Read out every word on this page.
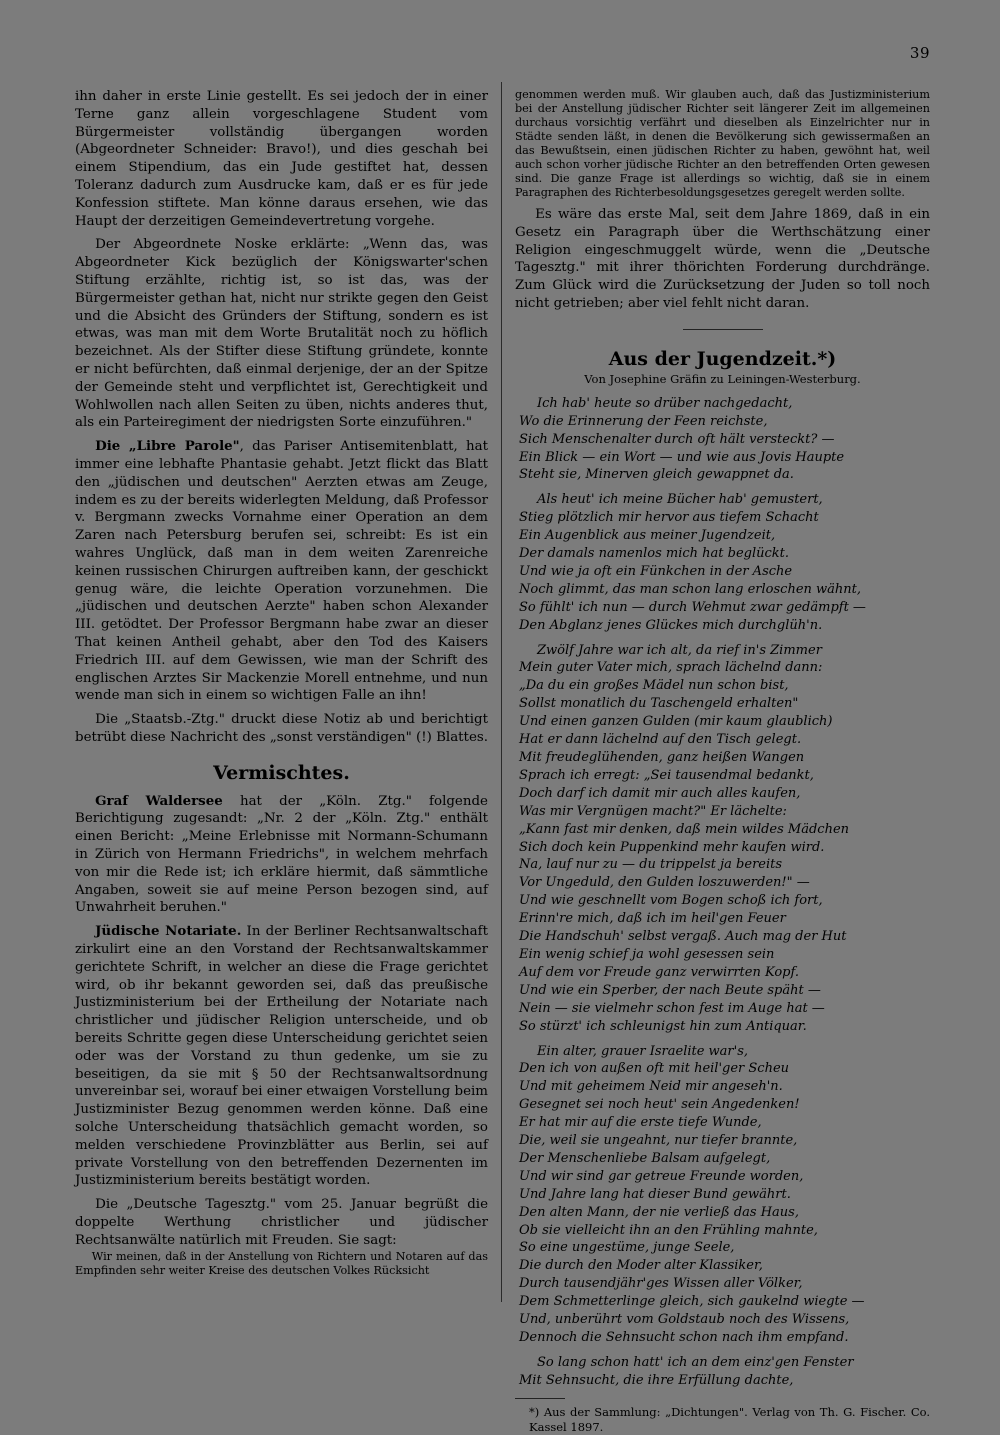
39

ihn daher in erste Linie gestellt. Es sei jedoch der in einer Terne ganz allein vorgeschlagene Student vom Bürgermeister vollständig übergangen worden (Abgeordneter Schneider: Bravo!), und dies geschah bei einem Stipendium, das ein Jude gestiftet hat, dessen Toleranz dadurch zum Ausdrucke kam, daß er es für jede Konfession stiftete. Man könne daraus ersehen, wie das Haupt der derzeitigen Gemeindevertretung vorgehe.

Der Abgeordnete Noske erklärte: „Wenn das, was Abgeordneter Kick bezüglich der Königswarter'schen Stiftung erzählte, richtig ist, so ist das, was der Bürgermeister gethan hat, nicht nur strikte gegen den Geist und die Absicht des Gründers der Stiftung, sondern es ist etwas, was man mit dem Worte Brutalität noch zu höflich bezeichnet. Als der Stifter diese Stiftung gründete, konnte er nicht befürchten, daß einmal derjenige, der an der Spitze der Gemeinde steht und verpflichtet ist, Gerechtigkeit und Wohlwollen nach allen Seiten zu üben, nichts anderes thut, als ein Parteiregiment der niedrigsten Sorte einzuführen."

Die „Libre Parole", das Pariser Antisemitenblatt, hat immer eine lebhafte Phantasie gehabt. Jetzt flickt das Blatt den „jüdischen und deutschen" Aerzten etwas am Zeuge, indem es zu der bereits widerlegten Meldung, daß Professor v. Bergmann zwecks Vornahme einer Operation an dem Zaren nach Petersburg berufen sei, schreibt: Es ist ein wahres Unglück, daß man in dem weiten Zarenreiche keinen russischen Chirurgen auftreiben kann, der geschickt genug wäre, die leichte Operation vorzunehmen. Die „jüdischen und deutschen Aerzte" haben schon Alexander III. getödtet. Der Professor Bergmann habe zwar an dieser That keinen Antheil gehabt, aber den Tod des Kaisers Friedrich III. auf dem Gewissen, wie man der Schrift des englischen Arztes Sir Mackenzie Morell entnehme, und nun wende man sich in einem so wichtigen Falle an ihn!

Die „Staatsb.-Ztg." druckt diese Notiz ab und berichtigt betrübt diese Nachricht des „sonst verständigen" (!) Blattes.

Vermischtes.

Graf Waldersee hat der „Köln. Ztg." folgende Berichtigung zugesandt: „Nr. 2 der „Köln. Ztg." enthält einen Bericht: „Meine Erlebnisse mit Normann-Schumann in Zürich von Hermann Friedrichs", in welchem mehrfach von mir die Rede ist; ich erkläre hiermit, daß sämmtliche Angaben, soweit sie auf meine Person bezogen sind, auf Unwahrheit beruhen."

Jüdische Notariate. In der Berliner Rechtsanwaltschaft zirkulirt eine an den Vorstand der Rechtsanwaltskammer gerichtete Schrift, in welcher an diese die Frage gerichtet wird, ob ihr bekannt geworden sei, daß das preußische Justizministerium bei der Ertheilung der Notariate nach christlicher und jüdischer Religion unterscheide, und ob bereits Schritte gegen diese Unterscheidung gerichtet seien oder was der Vorstand zu thun gedenke, um sie zu beseitigen, da sie mit § 50 der Rechtsanwaltsordnung unvereinbar sei, worauf bei einer etwaigen Vorstellung beim Justizminister Bezug genommen werden könne. Daß eine solche Unterscheidung thatsächlich gemacht worden, so melden verschiedene Provinzblätter aus Berlin, sei auf private Vorstellung von den betreffenden Dezernenten im Justizministerium bereits bestätigt worden.

Die „Deutsche Tagesztg." vom 25. Januar begrüßt die doppelte Werthung christlicher und jüdischer Rechtsanwälte natürlich mit Freuden. Sie sagt:

Wir meinen, daß in der Anstellung von Richtern und Notaren auf das Empfinden sehr weiter Kreise des deutschen Volkes Rücksicht

genommen werden muß. Wir glauben auch, daß das Justizministerium bei der Anstellung jüdischer Richter seit längerer Zeit im allgemeinen durchaus vorsichtig verfährt und dieselben als Einzelrichter nur in Städte senden läßt, in denen die Bevölkerung sich gewissermaßen an das Bewußtsein, einen jüdischen Richter zu haben, gewöhnt hat, weil auch schon vorher jüdische Richter an den betreffenden Orten gewesen sind. Die ganze Frage ist allerdings so wichtig, daß sie in einem Paragraphen des Richterbesoldungsgesetzes geregelt werden sollte.

Es wäre das erste Mal, seit dem Jahre 1869, daß in ein Gesetz ein Paragraph über die Werthschätzung einer Religion eingeschmuggelt würde, wenn die „Deutsche Tagesztg." mit ihrer thörichten Forderung durchdränge. Zum Glück wird die Zurücksetzung der Juden so toll noch nicht getrieben; aber viel fehlt nicht daran.

Aus der Jugendzeit.*)
Von Josephine Gräfin zu Leiningen-Westerburg.
Ich hab' heute so drüber nachgedacht,
Wo die Erinnerung der Feen reichste,
Sich Menschenalter durch oft hält versteckt? —
Ein Blick — ein Wort — und wie aus Jovis Haupte
Steht sie, Minerven gleich gewappnet da.
Als heut' ich meine Bücher hab' gemustert,
Stieg plötzlich mir hervor aus tiefem Schacht
Ein Augenblick aus meiner Jugendzeit,
Der damals namenlos mich hat beglückt.
Und wie ja oft ein Fünkchen in der Asche
Noch glimmt, das man schon lang erloschen wähnt,
So fühlt' ich nun — durch Wehmut zwar gedämpft —
Den Abglanz jenes Glückes mich durchglüh'n.
Zwölf Jahre war ich alt, da rief in's Zimmer
Mein guter Vater mich, sprach lächelnd dann:
„Da du ein großes Mädel nun schon bist,
Sollst monatlich du Taschengeld erhalten"
Und einen ganzen Gulden (mir kaum glaublich)
Hat er dann lächelnd auf den Tisch gelegt.
Mit freudeglühenden, ganz heißen Wangen
Sprach ich erregt: „Sei tausendmal bedankt,
Doch darf ich damit mir auch alles kaufen,
Was mir Vergnügen macht?" Er lächelte:
„Kann fast mir denken, daß mein wildes Mädchen
Sich doch kein Puppenkind mehr kaufen wird.
Na, lauf nur zu — du trippelst ja bereits
Vor Ungeduld, den Gulden loszuwerden!" —
Und wie geschnellt vom Bogen schoß ich fort,
Erinn're mich, daß ich im heil'gen Feuer
Die Handschuh' selbst vergaß. Auch mag der Hut
Ein wenig schief ja wohl gesessen sein
Auf dem vor Freude ganz verwirrten Kopf.
Und wie ein Sperber, der nach Beute späht —
Nein — sie vielmehr schon fest im Auge hat —
So stürzt' ich schleunigst hin zum Antiquar.
Ein alter, grauer Israelite war's,
Den ich von außen oft mit heil'ger Scheu
Und mit geheimem Neid mir angeseh'n.
Gesegnet sei noch heut' sein Angedenken!
Er hat mir auf die erste tiefe Wunde,
Die, weil sie ungeahnt, nur tiefer brannte,
Der Menschenliebe Balsam aufgelegt,
Und wir sind gar getreue Freunde worden,
Und Jahre lang hat dieser Bund gewährt.
Den alten Mann, der nie verließ das Haus,
Ob sie vielleicht ihn an den Frühling mahnte,
So eine ungestüme, junge Seele,
Die durch den Moder alter Klassiker,
Durch tausendjähr'ges Wissen aller Völker,
Dem Schmetterlinge gleich, sich gaukelnd wiegte —
Und, unberührt vom Goldstaub noch des Wissens,
Dennoch die Sehnsucht schon nach ihm empfand.
So lang schon hatt' ich an dem einz'gen Fenster
Mit Sehnsucht, die ihre Erfüllung dachte,

*) Aus der Sammlung: „Dichtungen". Verlag von Th. G. Fischer. Co. Kassel 1897.
